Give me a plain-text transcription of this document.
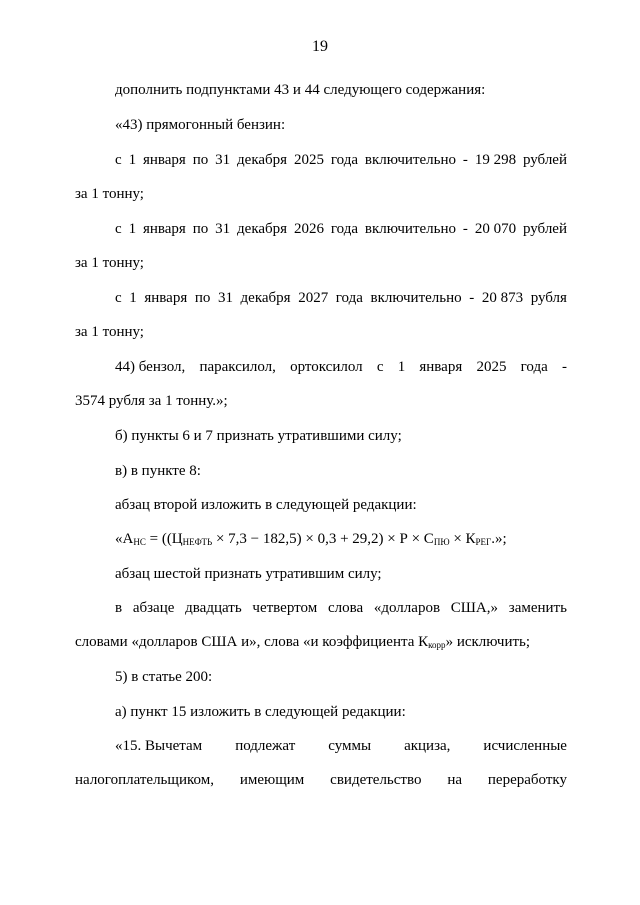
19
дополнить подпунктами 43 и 44 следующего содержания:
«43) прямогонный бензин:
с 1 января по 31 декабря 2025 года включительно - 19 298 рублей
за 1 тонну;
с 1 января по 31 декабря 2026 года включительно - 20 070 рублей
за 1 тонну;
с 1 января по 31 декабря 2027 года включительно - 20 873 рубля
за 1 тонну;
44) бензол, параксилол, ортоксилол с 1 января 2025 года -
3574 рубля за 1 тонну.»;
б) пункты 6 и 7 признать утратившими силу;
в) в пункте 8:
абзац второй изложить в следующей редакции:
«$А_{НС} = ((Ц_{НЕФТЬ} \times 7,3 - 182,5) \times 0,3 + 29,2) \times Р \times С_{ПЮ} \times К_{РЕГ}$.»;
абзац шестой признать утратившим силу;
в абзаце двадцать четвертом слова «долларов США,» заменить
словами «долларов США и», слова «и коэффициента $К_{корр}$» исключить;
5) в статье 200:
а) пункт 15 изложить в следующей редакции:
«15. Вычетам подлежат суммы акциза, исчисленные
налогоплательщиком, имеющим свидетельство на переработку
